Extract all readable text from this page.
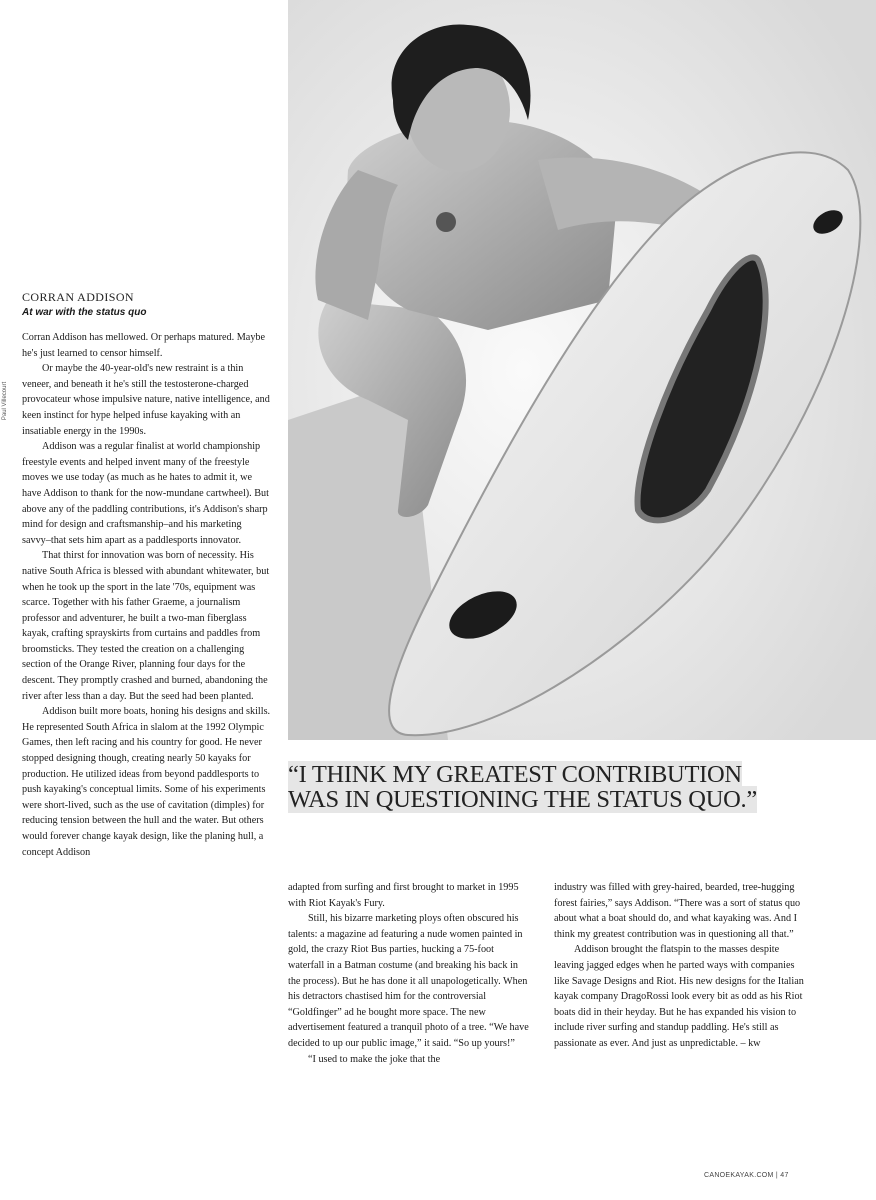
Paul Villecourt
CORRAN ADDISON
At war with the status quo

Corran Addison has mellowed. Or perhaps matured. Maybe he's just learned to censor himself.

Or maybe the 40-year-old's new restraint is a thin veneer, and beneath it he's still the testosterone-charged provocateur whose impulsive nature, native intelligence, and keen instinct for hype helped infuse kayaking with an insatiable energy in the 1990s.

Addison was a regular finalist at world championship freestyle events and helped invent many of the freestyle moves we use today (as much as he hates to admit it, we have Addison to thank for the now-mundane cartwheel). But above any of the paddling contributions, it's Addison's sharp mind for design and craftsmanship–and his marketing savvy–that sets him apart as a paddlesports innovator.

That thirst for innovation was born of necessity. His native South Africa is blessed with abundant whitewater, but when he took up the sport in the late '70s, equipment was scarce. Together with his father Graeme, a journalism professor and adventurer, he built a two-man fiberglass kayak, crafting sprayskirts from curtains and paddles from broomsticks. They tested the creation on a challenging section of the Orange River, planning four days for the descent. They promptly crashed and burned, abandoning the river after less than a day. But the seed had been planted.

Addison built more boats, honing his designs and skills. He represented South Africa in slalom at the 1992 Olympic Games, then left racing and his country for good. He never stopped designing though, creating nearly 50 kayaks for production. He utilized ideas from beyond paddlesports to push kayaking's conceptual limits. Some of his experiments were short-lived, such as the use of cavitation (dimples) for reducing tension between the hull and the water. But others would forever change kayak design, like the planing hull, a concept Addison

“I THINK MY GREATEST CONTRIBUTION WAS IN QUESTIONING THE STATUS QUO.”

adapted from surfing and first brought to market in 1995 with Riot Kayak's Fury.

Still, his bizarre marketing ploys often obscured his talents: a magazine ad featuring a nude women painted in gold, the crazy Riot Bus parties, hucking a 75-foot waterfall in a Batman costume (and breaking his back in the process). But he has done it all unapologetically. When his detractors chastised him for the controversial “Goldfinger” ad he bought more space. The new advertisement featured a tranquil photo of a tree. “We have decided to up our public image,” it said. “So up yours!”

“I used to make the joke that the

industry was filled with grey-haired, bearded, tree-hugging forest fairies,” says Addison. “There was a sort of status quo about what a boat should do, and what kayaking was. And I think my greatest contribution was in questioning all that.”

Addison brought the flatspin to the masses despite leaving jagged edges when he parted ways with companies like Savage Designs and Riot. His new designs for the Italian kayak company DragoRossi look every bit as odd as his Riot boats did in their heyday. But he has expanded his vision to include river surfing and standup paddling. He's still as passionate as ever. And just as unpredictable. – kw

CANOEKAYAK.COM | 47
